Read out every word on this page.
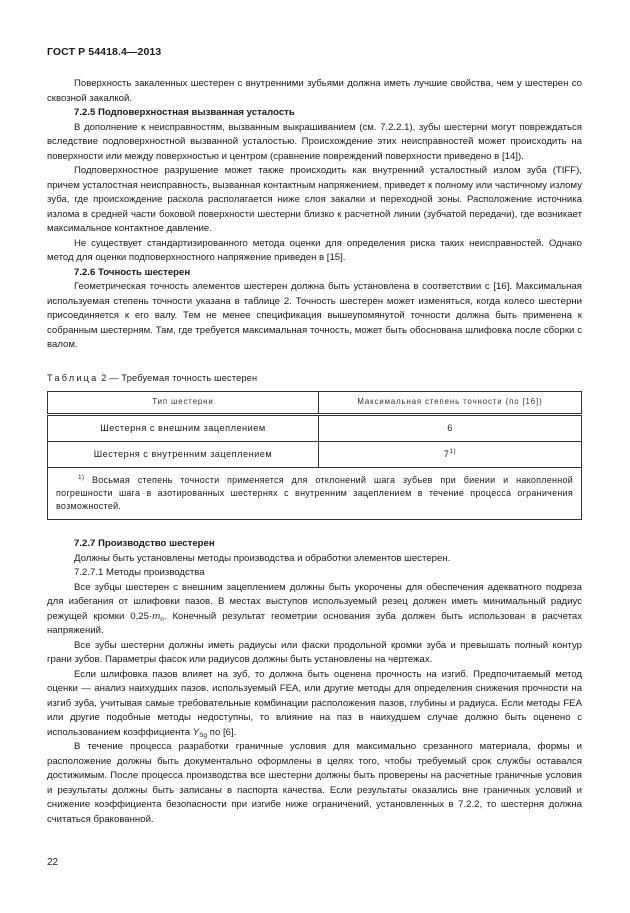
ГОСТ Р 54418.4—2013

Поверхность закаленных шестерен с внутренними зубьями должна иметь лучшие свойства, чем у шестерен со сквозной закалкой.

7.2.5 Подповерхностная вызванная усталость

В дополнение к неисправностям, вызванным выкрашиванием (см. 7.2.2.1), зубы шестерни могут повреждаться вследствие подповерхностной вызванной усталостью. Происхождение этих неисправностей может происходить на поверхности или между поверхностью и центром (сравнение повреждений поверхности приведено в [14]).

Подповерхностное разрушение может также происходить как внутренний усталостный излом зуба (TIFF), причем усталостная неисправность, вызванная контактным напряжением, приведет к полному или частичному излому зуба, где происхождение раскола располагается ниже слоя закалки и переходной зоны. Расположение источника излома в средней части боковой поверхности шестерни близко к расчетной линии (зубчатой передачи), где возникает максимальное контактное давление.

Не существует стандартизированного метода оценки для определения риска таких неисправностей. Однако метод для оценки подповерхностного напряжение приведен в [15].

7.2.6 Точность шестерен

Геометрическая точность элементов шестерен должна быть установлена в соответствии с [16]. Максимальная используемая степень точности указана в таблице 2. Точность шестерен может изменяться, когда колесо шестерни присоединяется к его валу. Тем не менее спецификация вышеупомянутой точности должна быть применена к собранным шестерням. Там, где требуется максимальная точность, может быть обоснована шлифовка после сборки с валом.

Таблица 2 — Требуемая точность шестерен
Тип шестерни	Максимальная степень точности (по [16])
Шестерня с внешним зацеплением	6
Шестерня с внутренним зацеплением	7$^{1)}$
$^{1)}$ Восьмая степень точности применяется для отклонений шага зубьев при биении и накопленной погрешности шага в азотированных шестернях с внутренним зацеплением в течение процесса ограничения возможностей.	

7.2.7 Производство шестерен

Должны быть установлены методы производства и обработки элементов шестерен.

7.2.7.1 Методы производства

Все зубцы шестерен с внешним зацеплением должны быть укорочены для обеспечения адекватного подреза для избегания от шлифовки пазов. В местах выступов используемый резец должен иметь минимальный радиус режущей кромки $0,25\cdot m_n$. Конечный результат геометрии основания зуба должен быть использован в расчетах напряжений.

Все зубы шестерни должны иметь радиусы или фаски продольной кромки зуба и превышать полный контур грани зубов. Параметры фасок или радиусов должны быть установлены на чертежах.

Если шлифовка пазов влияет на зуб, то должна быть оценена прочность на изгиб. Предпочитаемый метод оценки — анализ наихудших пазов. используемый FEA, или другие методы для определения снижения прочности на изгиб зуба, учитывая самые требовательные комбинации расположения пазов, глубины и радиуса. Если методы FEA или другие подобные методы недоступны, то влияние на паз в наихудшем случае должно быть оценено с использованием коэффициента $Y_{Sg}$ по [6].

В течение процесса разработки граничные условия для максимально срезанного материала, формы и расположение должны быть документально оформлены в целях того, чтобы требуемый срок службы оставался достижимым. После процесса производства все шестерни должны быть проверены на расчетные граничные условия и результаты должны быть записаны в паспорта качества. Если результаты оказались вне граничных условий и снижение коэффициента безопасности при изгибе ниже ограничений, установленных в 7.2.2, то шестерня должна считаться бракованной.

22
